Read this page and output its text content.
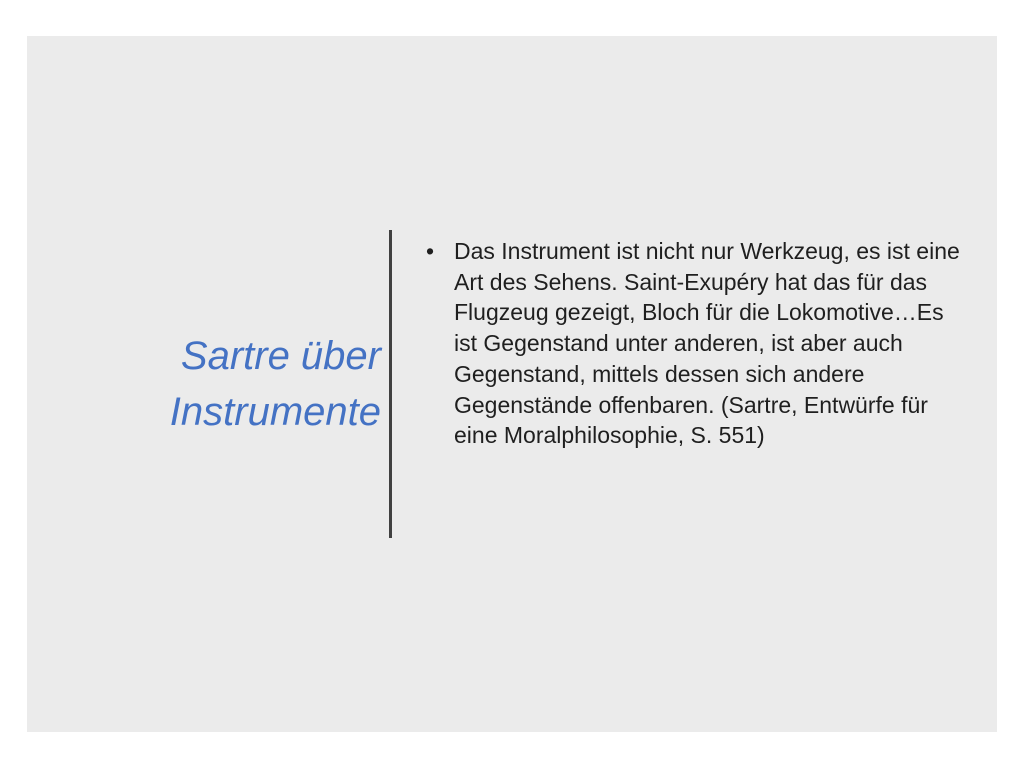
Sartre über
Instrumente
• Das Instrument ist nicht nur Werkzeug, es ist eine Art des Sehens. Saint-Exupéry hat das für das Flugzeug gezeigt, Bloch für die Lokomotive…Es ist Gegenstand unter anderen, ist aber auch Gegenstand, mittels dessen sich andere Gegenstände offenbaren. (Sartre, Entwürfe für eine Moralphilosophie, S. 551)
